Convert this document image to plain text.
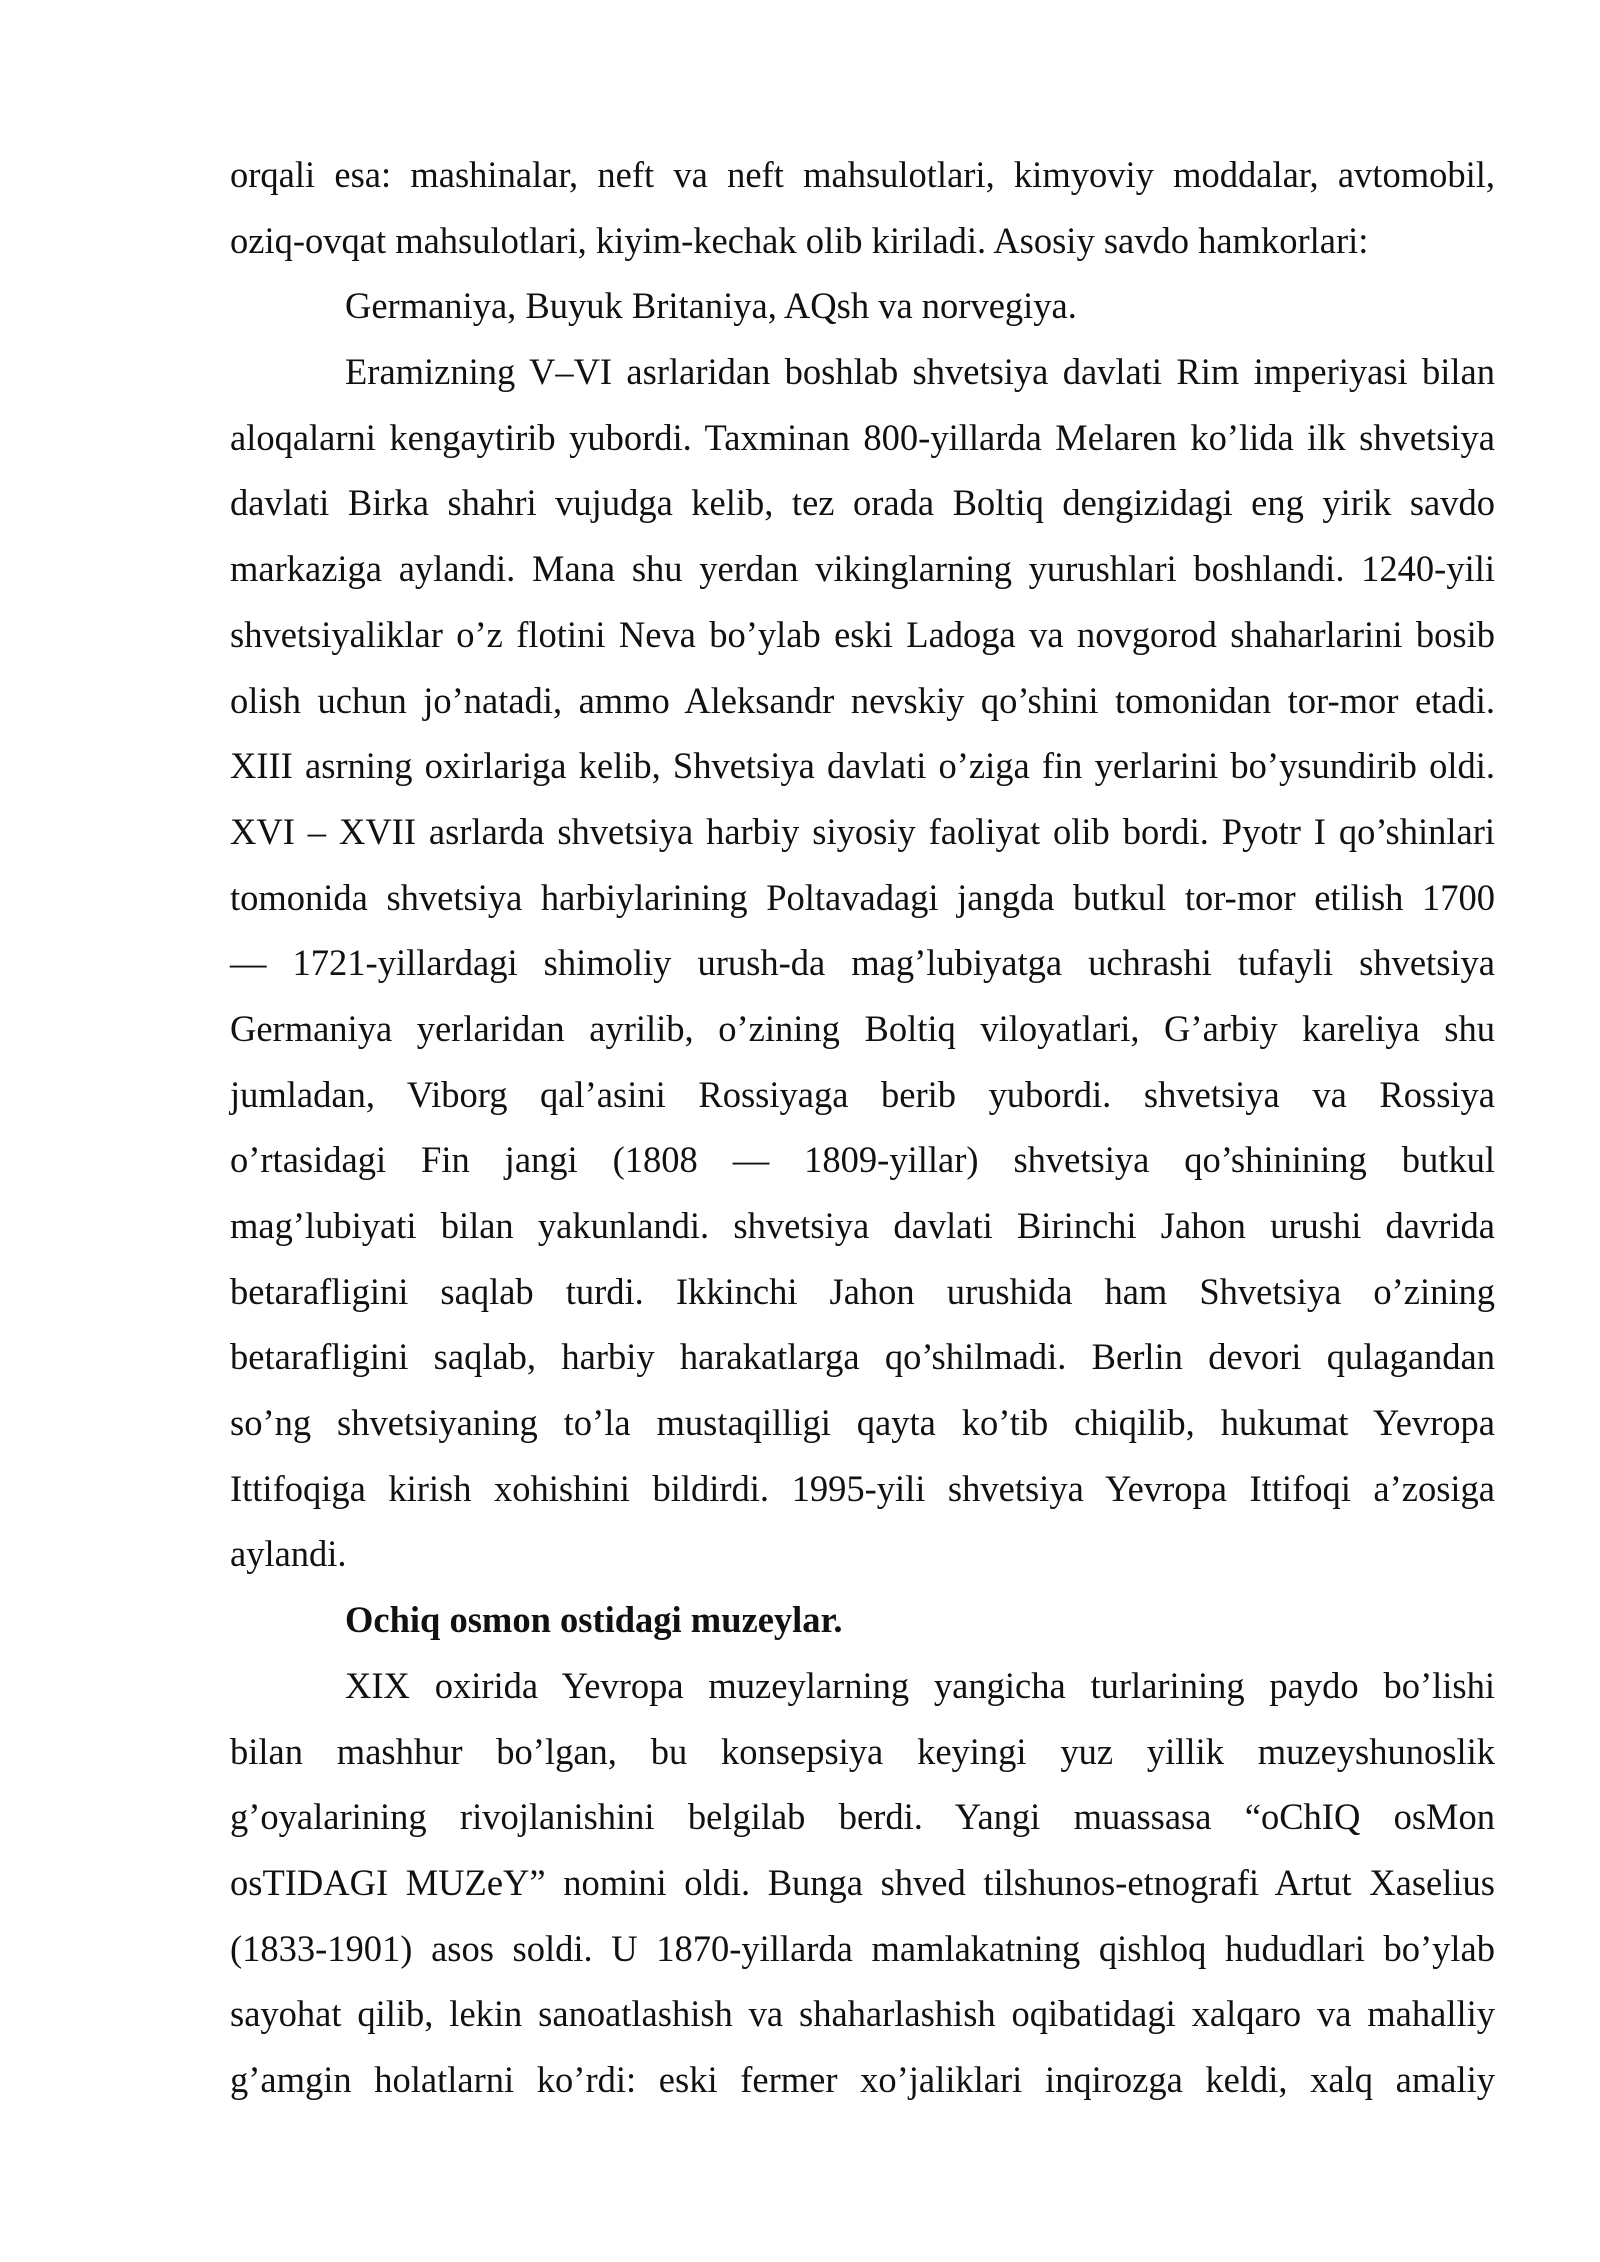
orqali esa: mashinalar, neft va neft mahsulotlari, kimyoviy moddalar, avtomobil,
oziq-ovqat mahsulotlari, kiyim-kechak olib kiriladi. Asosiy savdo hamkorlari:
Germaniya, Buyuk Britaniya, AQsh va norvegiya.
Eramizning V–VI asrlaridan boshlab shvetsiya davlati Rim imperiyasi bilan
aloqalarni kengaytirib yubordi. Taxminan 800-yillarda Melaren ko’lida ilk shvetsiya
davlati Birka shahri vujudga kelib, tez orada Boltiq dengizidagi eng yirik savdo
markaziga aylandi. Mana shu yerdan vikinglarning yurushlari boshlandi. 1240-yili
shvetsiyaliklar o’z flotini Neva bo’ylab eski Ladoga va novgorod shaharlarini bosib
olish uchun jo’natadi, ammo Aleksandr nevskiy qo’shini tomonidan tor-mor etadi.
XIII asrning oxirlariga kelib, Shvetsiya davlati o’ziga fin yerlarini bo’ysundirib oldi.
XVI – XVII asrlarda shvetsiya harbiy siyosiy faoliyat olib bordi. Pyotr I qo’shinlari
tomonida shvetsiya harbiylarining Poltavadagi jangda butkul tor-mor etilish 1700
— 1721-yillardagi shimoliy urush-da mag’lubiyatga uchrashi tufayli shvetsiya
Germaniya yerlaridan ayrilib, o’zining Boltiq viloyatlari, G’arbiy kareliya shu
jumladan, Viborg qal’asini Rossiyaga berib yubordi. shvetsiya va Rossiya
o’rtasidagi Fin jangi (1808 — 1809-yillar) shvetsiya qo’shinining butkul
mag’lubiyati bilan yakunlandi. shvetsiya davlati Birinchi Jahon urushi davrida
betarafligini saqlab turdi. Ikkinchi Jahon urushida ham Shvetsiya o’zining
betarafligini saqlab, harbiy harakatlarga qo’shilmadi. Berlin devori qulagandan
so’ng shvetsiyaning to’la mustaqilligi qayta ko’tib chiqilib, hukumat Yevropa
Ittifoqiga kirish xohishini bildirdi. 1995-yili shvetsiya Yevropa Ittifoqi a’zosiga
aylandi.
Ochiq osmon ostidagi muzeylar.
XIX oxirida Yevropa muzeylarning yangicha turlarining paydo bo’lishi
bilan mashhur bo’lgan, bu konsepsiya keyingi yuz yillik muzeyshunoslik
g’oyalarining rivojlanishini belgilab berdi. Yangi muassasa “oChIQ osMon
osTIDAGI MUZeY” nomini oldi. Bunga shved tilshunos-etnografi Artut Xaselius
(1833-1901) asos soldi. U 1870-yillarda mamlakatning qishloq hududlari bo’ylab
sayohat qilib, lekin sanoatlashish va shaharlashish oqibatidagi xalqaro va mahalliy
g’amgin holatlarni ko’rdi: eski fermer xo’jaliklari inqirozga keldi, xalq amaliy
